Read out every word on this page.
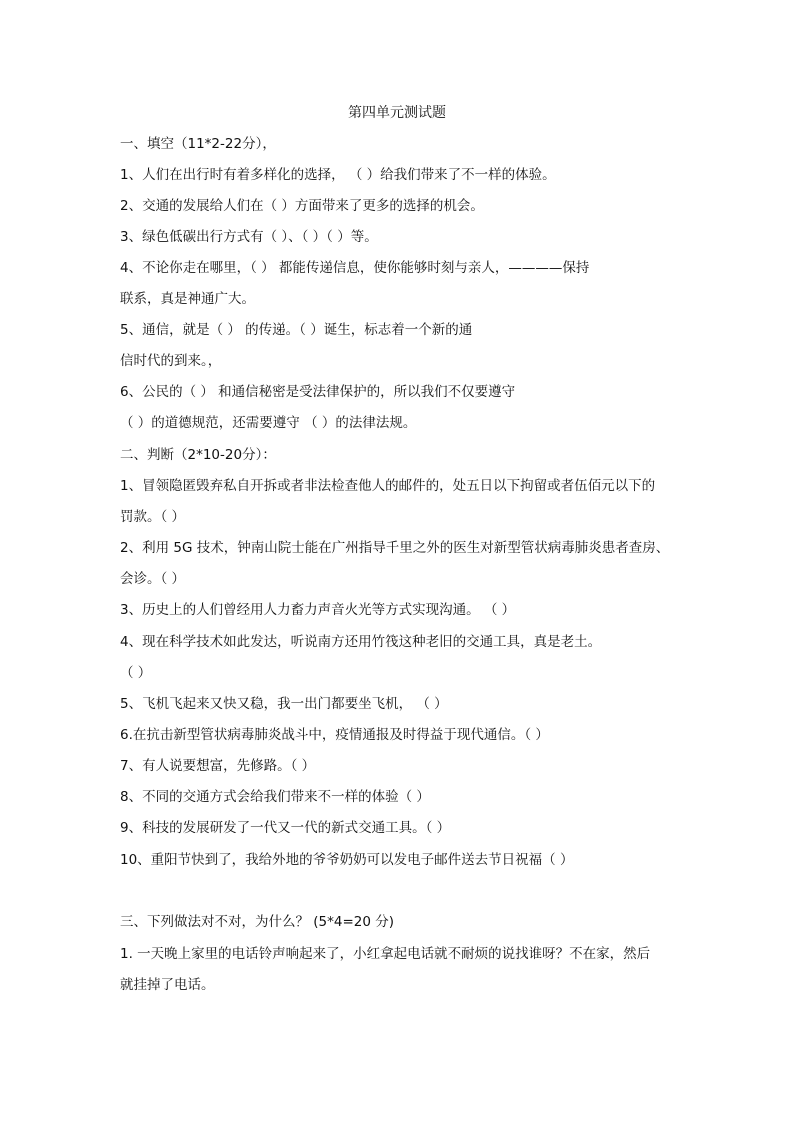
第四单元测试题
一、填空（11*2-22分），
1、人们在出行时有着多样化的选择， （ ）给我们带来了不一样的体验。
2、交通的发展给人们在（ ）方面带来了更多的选择的机会。
3、绿色低碳出行方式有（ ）、（ ）（ ）等。
4、不论你走在哪里，（ ） 都能传递信息，使你能够时刻与亲人，————保持
联系，真是神通广大。
5、通信，就是（ ） 的传递。（ ）诞生，标志着一个新的通
信时代的到来。，
6、公民的（ ） 和通信秘密是受法律保护的，所以我们不仅要遵守
（ ）的道德规范，还需要遵守 （ ）的法律法规。
二、判断（2*10-20分）：
1、冒领隐匿毁弃私自开拆或者非法检查他人的邮件的，处五日以下拘留或者伍佰元以下的
罚款。（ ）
2、利用 5G 技术，钟南山院士能在广州指导千里之外的医生对新型管状病毒肺炎患者查房、
会诊。（ ）
3、历史上的人们曾经用人力畜力声音火光等方式实现沟通。 （ ）
4、现在科学技术如此发达，听说南方还用竹筏这种老旧的交通工具，真是老土。
（ ）
5、飞机飞起来又快又稳，我一出门都要坐飞机， （ ）
6.在抗击新型管状病毒肺炎战斗中，疫情通报及时得益于现代通信。（ ）
7、有人说要想富，先修路。（ ）
8、不同的交通方式会给我们带来不一样的体验（ ）
9、科技的发展研发了一代又一代的新式交通工具。（ ）
10、重阳节快到了，我给外地的爷爷奶奶可以发电子邮件送去节日祝福（ ）
三、下列做法对不对，为什么？ (5*4=20 分)
1. 一天晚上家里的电话铃声响起来了，小红拿起电话就不耐烦的说找谁呀？不在家，然后
就挂掉了电话。
